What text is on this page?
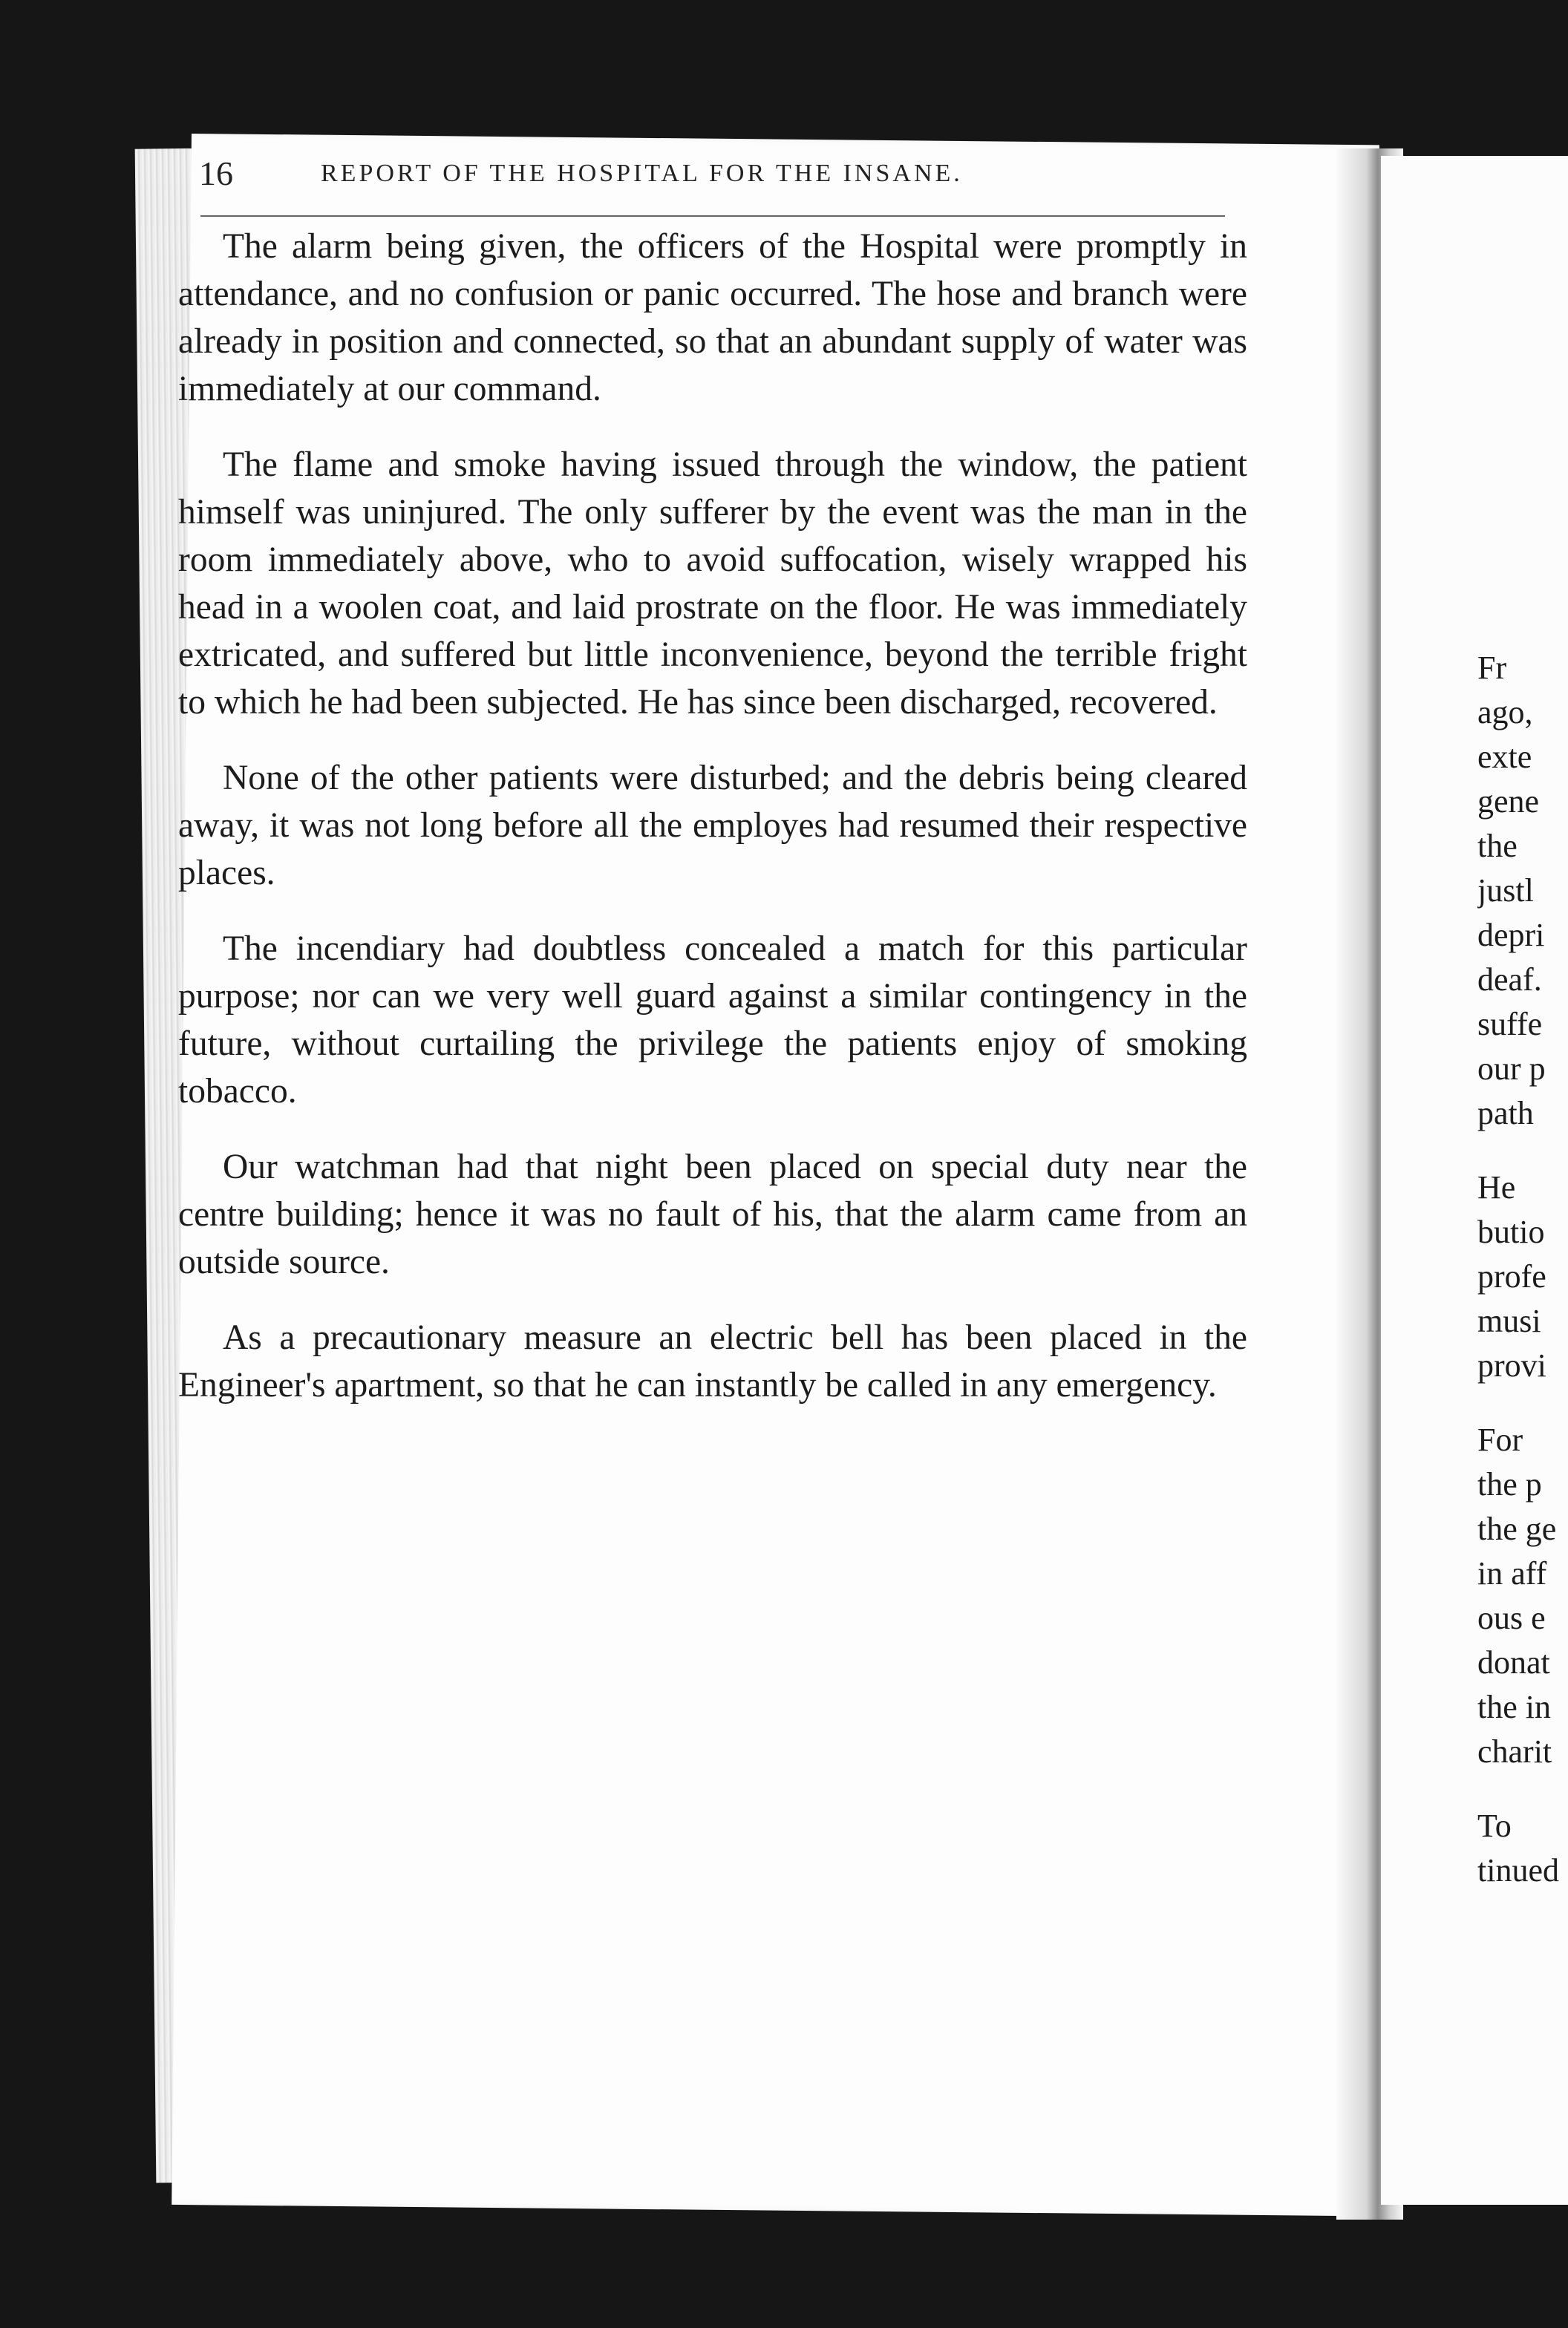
16	REPORT OF THE HOSPITAL FOR THE INSANE.

The alarm being given, the officers of the Hospital were promptly in attendance, and no confusion or panic occurred. The hose and branch were already in position and connected, so that an abundant supply of water was immediately at our command.

The flame and smoke having issued through the window, the patient himself was uninjured. The only sufferer by the event was the man in the room immediately above, who to avoid suffocation, wisely wrapped his head in a woolen coat, and laid prostrate on the floor. He was immediately extricated, and suffered but little inconvenience, beyond the terrible fright to which he had been subjected. He has since been discharged, recovered.

None of the other patients were disturbed; and the debris being cleared away, it was not long before all the employes had resumed their respective places.

The incendiary had doubtless concealed a match for this particular purpose; nor can we very well guard against a similar contingency in the future, without curtailing the privilege the patients enjoy of smoking tobacco.

Our watchman had that night been placed on special duty near the centre building; hence it was no fault of his, that the alarm came from an outside source.

As a precautionary measure an electric bell has been placed in the Engineer's apartment, so that he can instantly be called in any emergency.

Fr
ago,
exte
gene
the
justl
depri
deaf.
suffe
our p
path
He
butio
profe
musi
provi
For
the p
the ge
in aff
ous e
donat
the in
charit
To
tinued
